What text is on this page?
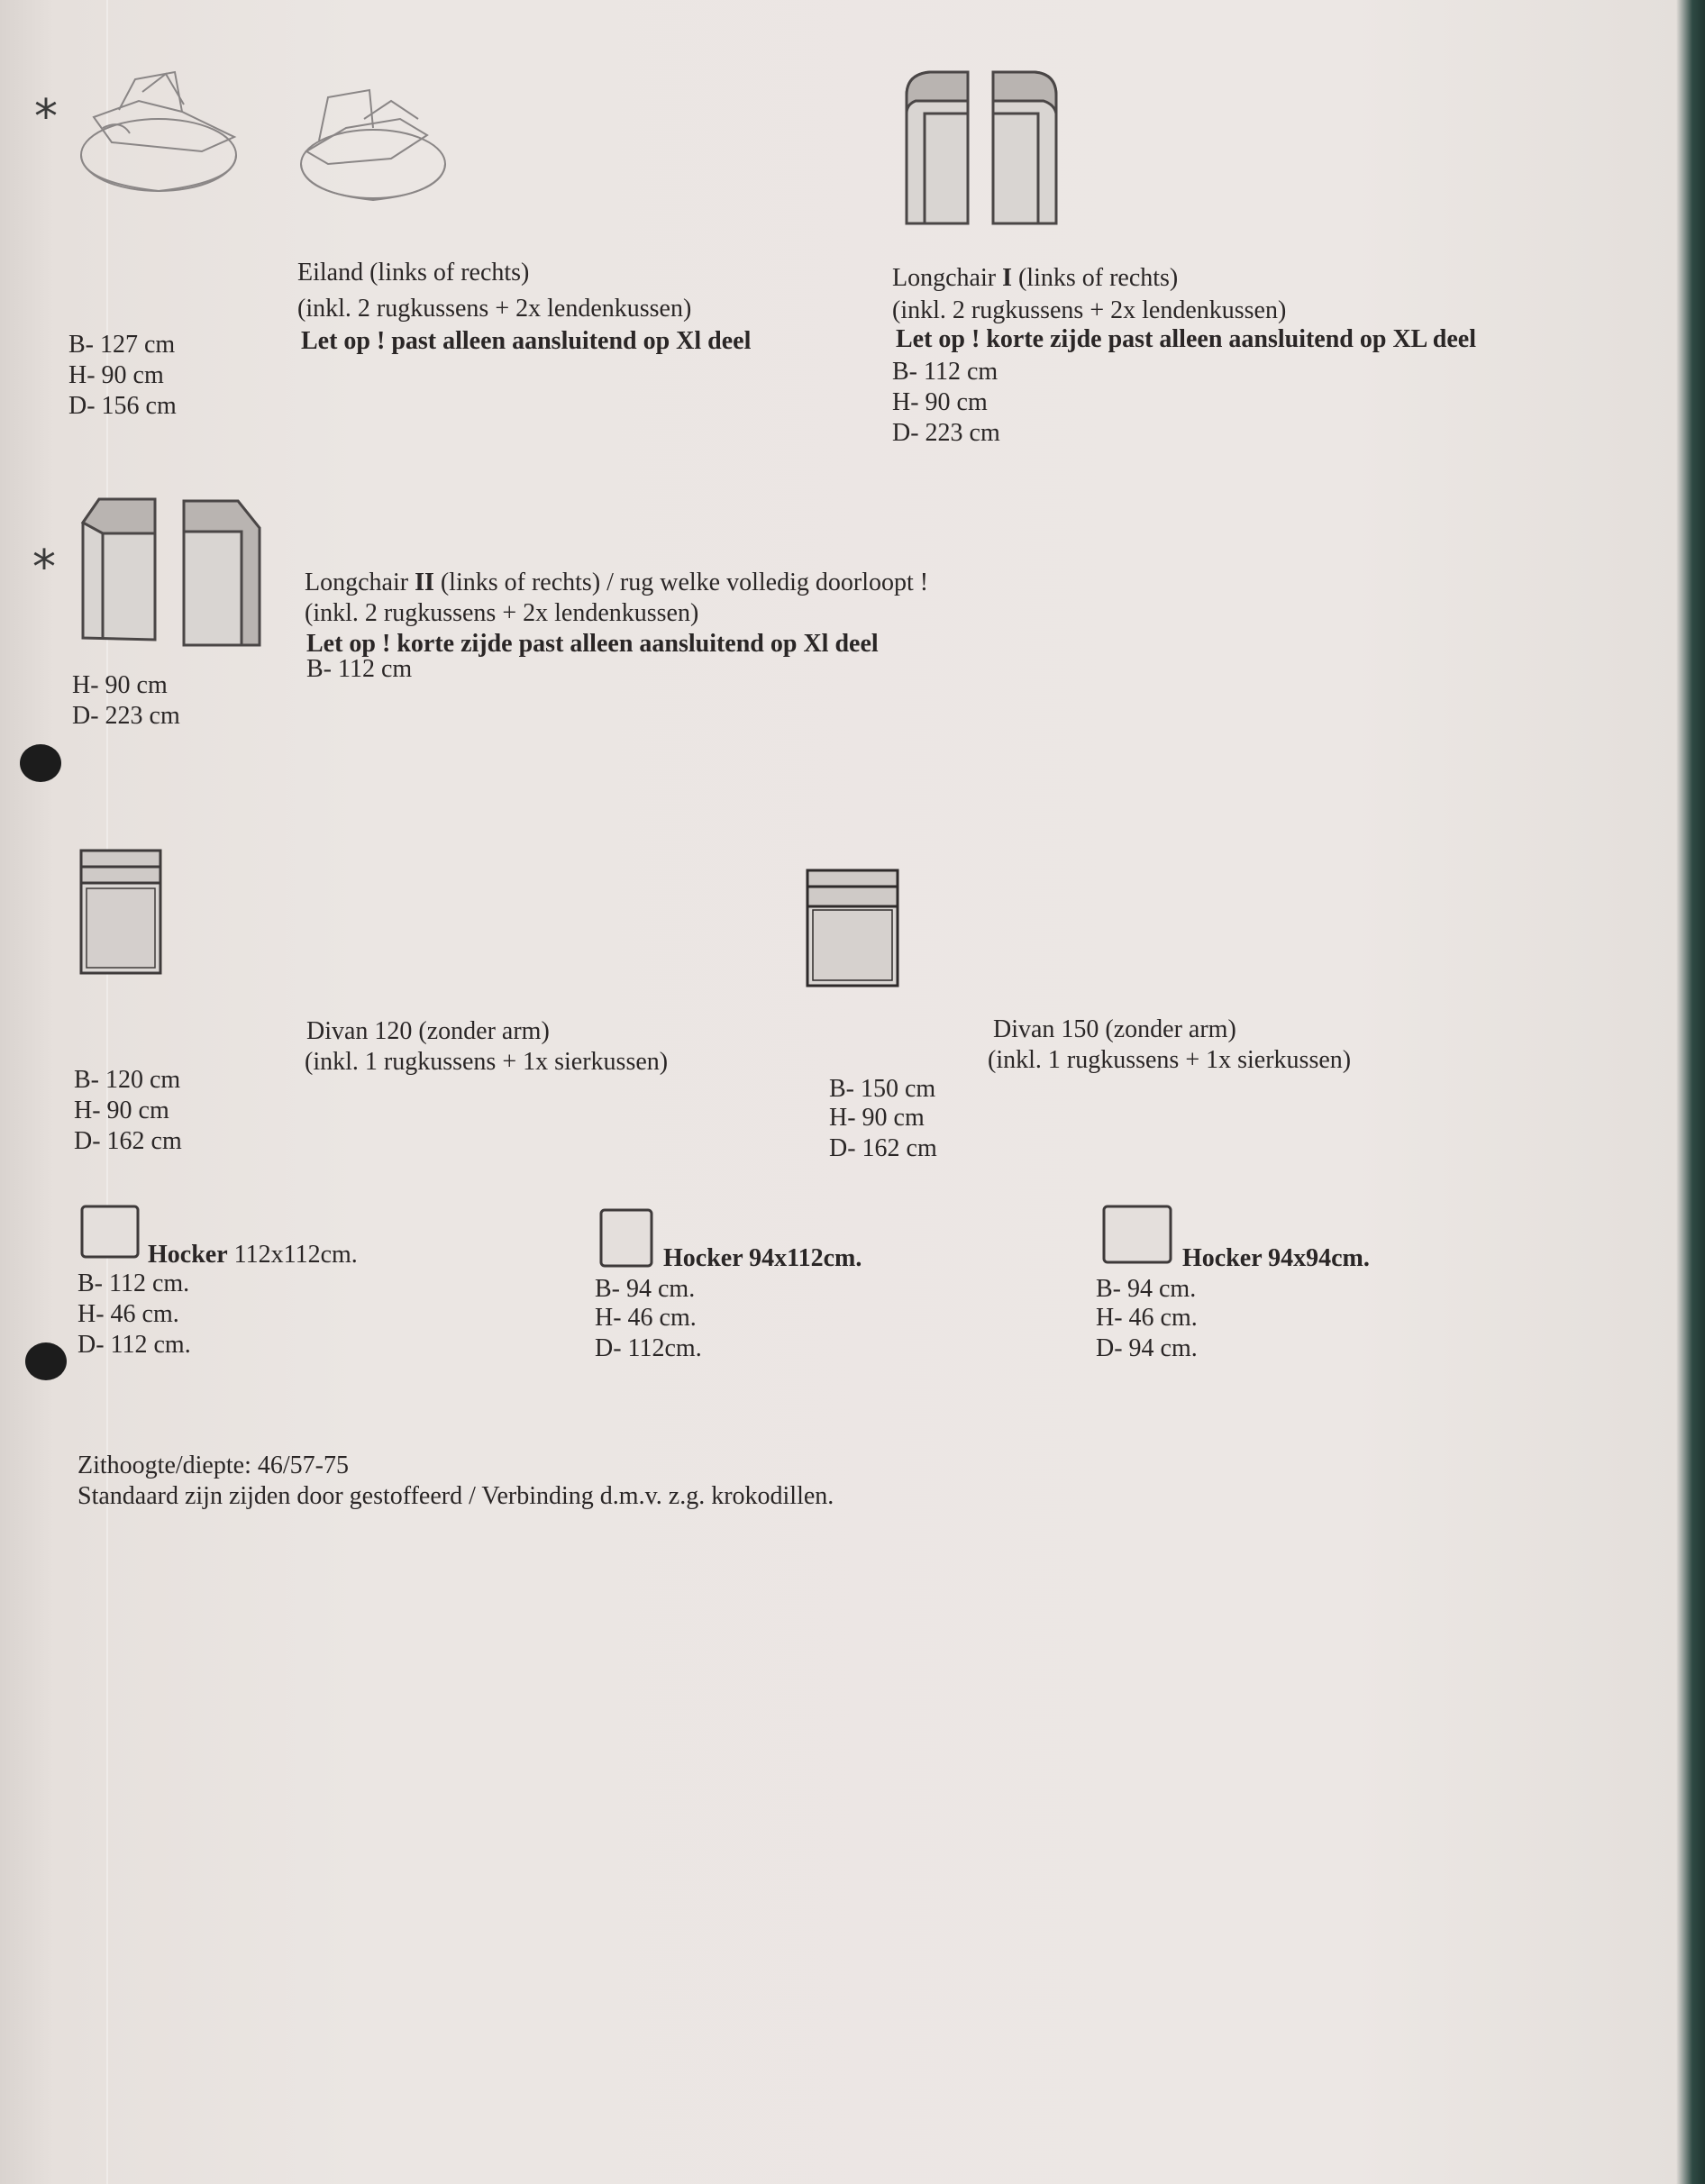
*
*
Eiland (links of rechts)
(inkl. 2 rugkussens + 2x lendenkussen)
Let op ! past alleen aansluitend op Xl deel
B- 127 cm
H- 90 cm
D- 156 cm
Longchair I (links of rechts)
(inkl. 2 rugkussens + 2x lendenkussen)
Let op ! korte zijde past alleen aansluitend op XL deel
B- 112 cm
H- 90 cm
D- 223 cm
Longchair II (links of rechts) / rug welke volledig doorloopt !
(inkl. 2 rugkussens + 2x lendenkussen)
Let op ! korte zijde past alleen aansluitend op Xl deel
B- 112 cm
H- 90 cm
D- 223 cm
Divan 120 (zonder arm)
(inkl. 1 rugkussens + 1x sierkussen)
B- 120 cm
H- 90 cm
D- 162 cm
Divan 150 (zonder arm)
(inkl. 1 rugkussens + 1x sierkussen)
B- 150 cm
H- 90 cm
D- 162 cm
Hocker 112x112cm.
B- 112 cm.
H- 46 cm.
D- 112 cm.
Hocker 94x112cm.
B- 94 cm.
H- 46 cm.
D- 112cm.
Hocker 94x94cm.
B- 94 cm.
H- 46 cm.
D- 94 cm.
Zithoogte/diepte: 46/57-75
Standaard zijn zijden door gestoffeerd / Verbinding d.m.v. z.g. krokodillen.
